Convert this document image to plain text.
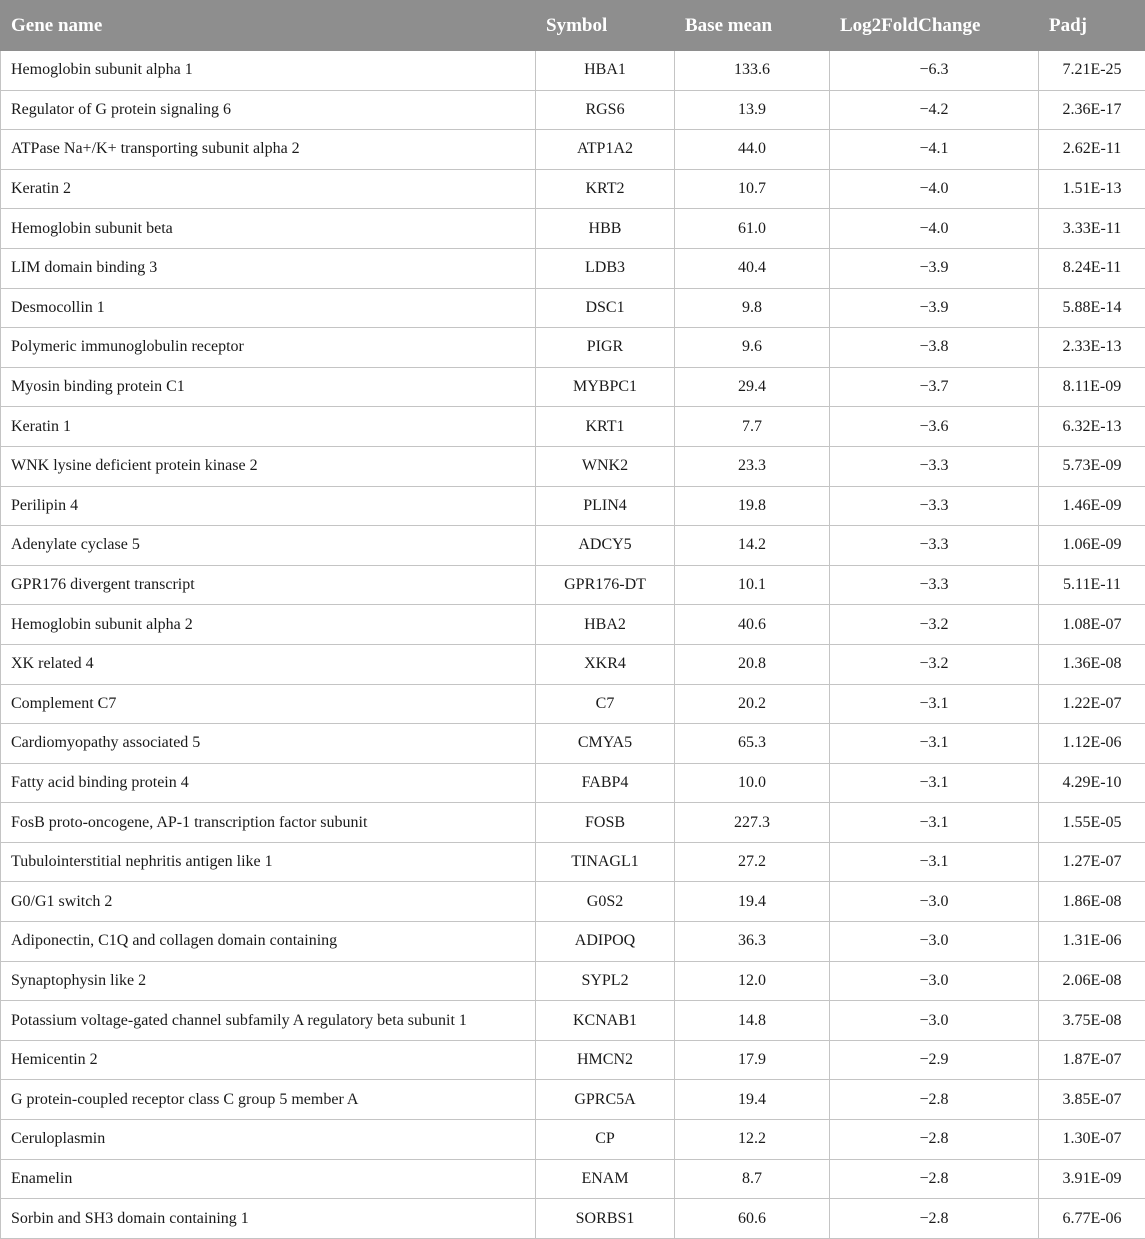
Gene name	Symbol	Base mean	Log2FoldChange	Padj
Hemoglobin subunit alpha 1	HBA1	133.6	−6.3	7.21E-25
Regulator of G protein signaling 6	RGS6	13.9	−4.2	2.36E-17
ATPase Na+/K+ transporting subunit alpha 2	ATP1A2	44.0	−4.1	2.62E-11
Keratin 2	KRT2	10.7	−4.0	1.51E-13
Hemoglobin subunit beta	HBB	61.0	−4.0	3.33E-11
LIM domain binding 3	LDB3	40.4	−3.9	8.24E-11
Desmocollin 1	DSC1	9.8	−3.9	5.88E-14
Polymeric immunoglobulin receptor	PIGR	9.6	−3.8	2.33E-13
Myosin binding protein C1	MYBPC1	29.4	−3.7	8.11E-09
Keratin 1	KRT1	7.7	−3.6	6.32E-13
WNK lysine deficient protein kinase 2	WNK2	23.3	−3.3	5.73E-09
Perilipin 4	PLIN4	19.8	−3.3	1.46E-09
Adenylate cyclase 5	ADCY5	14.2	−3.3	1.06E-09
GPR176 divergent transcript	GPR176-DT	10.1	−3.3	5.11E-11
Hemoglobin subunit alpha 2	HBA2	40.6	−3.2	1.08E-07
XK related 4	XKR4	20.8	−3.2	1.36E-08
Complement C7	C7	20.2	−3.1	1.22E-07
Cardiomyopathy associated 5	CMYA5	65.3	−3.1	1.12E-06
Fatty acid binding protein 4	FABP4	10.0	−3.1	4.29E-10
FosB proto-oncogene, AP-1 transcription factor subunit	FOSB	227.3	−3.1	1.55E-05
Tubulointerstitial nephritis antigen like 1	TINAGL1	27.2	−3.1	1.27E-07
G0/G1 switch 2	G0S2	19.4	−3.0	1.86E-08
Adiponectin, C1Q and collagen domain containing	ADIPOQ	36.3	−3.0	1.31E-06
Synaptophysin like 2	SYPL2	12.0	−3.0	2.06E-08
Potassium voltage-gated channel subfamily A regulatory beta subunit 1	KCNAB1	14.8	−3.0	3.75E-08
Hemicentin 2	HMCN2	17.9	−2.9	1.87E-07
G protein-coupled receptor class C group 5 member A	GPRC5A	19.4	−2.8	3.85E-07
Ceruloplasmin	CP	12.2	−2.8	1.30E-07
Enamelin	ENAM	8.7	−2.8	3.91E-09
Sorbin and SH3 domain containing 1	SORBS1	60.6	−2.8	6.77E-06
